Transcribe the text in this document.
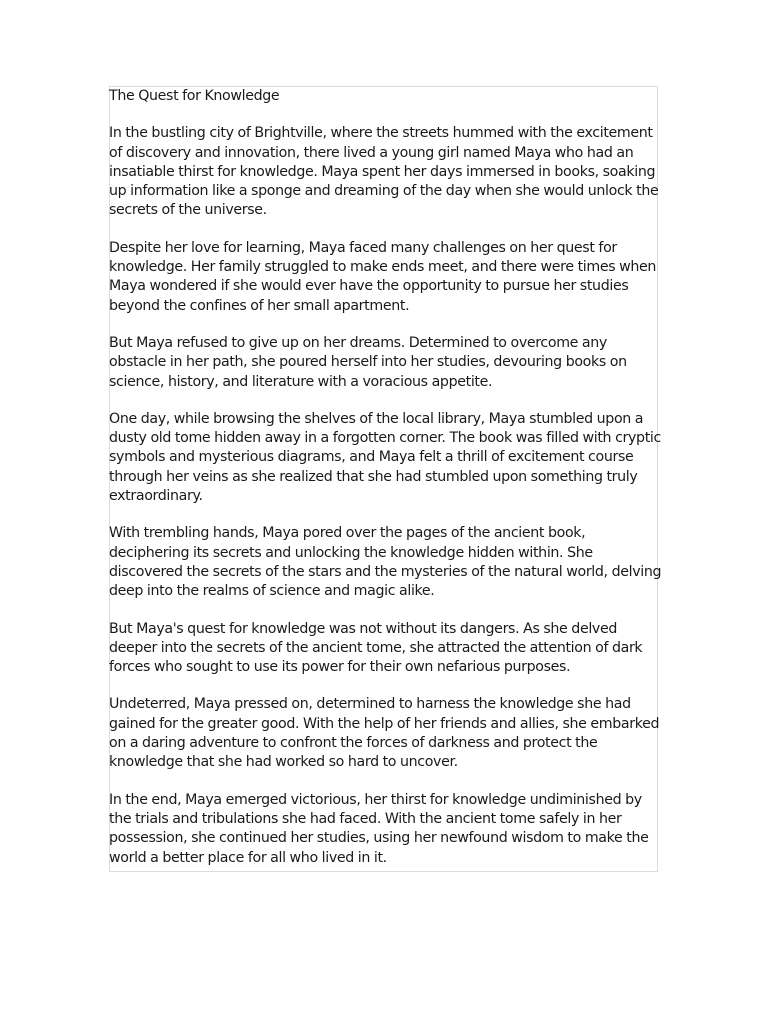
The Quest for Knowledge

In the bustling city of Brightville, where the streets hummed with the excitement of discovery and innovation, there lived a young girl named Maya who had an insatiable thirst for knowledge. Maya spent her days immersed in books, soaking up information like a sponge and dreaming of the day when she would unlock the secrets of the universe.

Despite her love for learning, Maya faced many challenges on her quest for knowledge. Her family struggled to make ends meet, and there were times when Maya wondered if she would ever have the opportunity to pursue her studies beyond the confines of her small apartment.

But Maya refused to give up on her dreams. Determined to overcome any obstacle in her path, she poured herself into her studies, devouring books on science, history, and literature with a voracious appetite.

One day, while browsing the shelves of the local library, Maya stumbled upon a dusty old tome hidden away in a forgotten corner. The book was filled with cryptic symbols and mysterious diagrams, and Maya felt a thrill of excitement course through her veins as she realized that she had stumbled upon something truly extraordinary.

With trembling hands, Maya pored over the pages of the ancient book, deciphering its secrets and unlocking the knowledge hidden within. She discovered the secrets of the stars and the mysteries of the natural world, delving deep into the realms of science and magic alike.

But Maya's quest for knowledge was not without its dangers. As she delved deeper into the secrets of the ancient tome, she attracted the attention of dark forces who sought to use its power for their own nefarious purposes.

Undeterred, Maya pressed on, determined to harness the knowledge she had gained for the greater good. With the help of her friends and allies, she embarked on a daring adventure to confront the forces of darkness and protect the knowledge that she had worked so hard to uncover.

In the end, Maya emerged victorious, her thirst for knowledge undiminished by the trials and tribulations she had faced. With the ancient tome safely in her possession, she continued her studies, using her newfound wisdom to make the world a better place for all who lived in it.
